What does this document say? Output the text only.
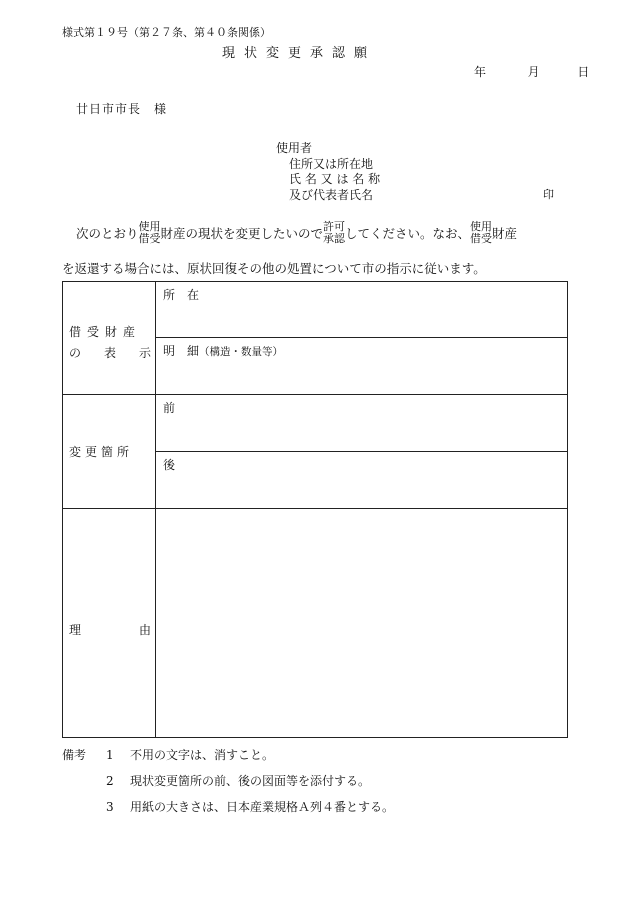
様式第１９号（第２７条、第４０条関係）
現状変更承認願
年	月	日
廿日市市長　様
使用者
住所又は所在地
氏 名 又 は 名 称
及び代表者氏名	印
次のとおり 使用
借受 財産の現状を変更したいので 許可
承認 してください。なお、 使用
借受 財産
を返還する場合には、原状回復その他の処置について市の指示に従います。
借受財産
の 表 示	所　在

	明　細（構造・数量等）

変更箇所	前

	後

理 由	

備考 1 不用の文字は、消すこと。
2 現状変更箇所の前、後の図面等を添付する。
3 用紙の大きさは、日本産業規格Ａ列４番とする。
